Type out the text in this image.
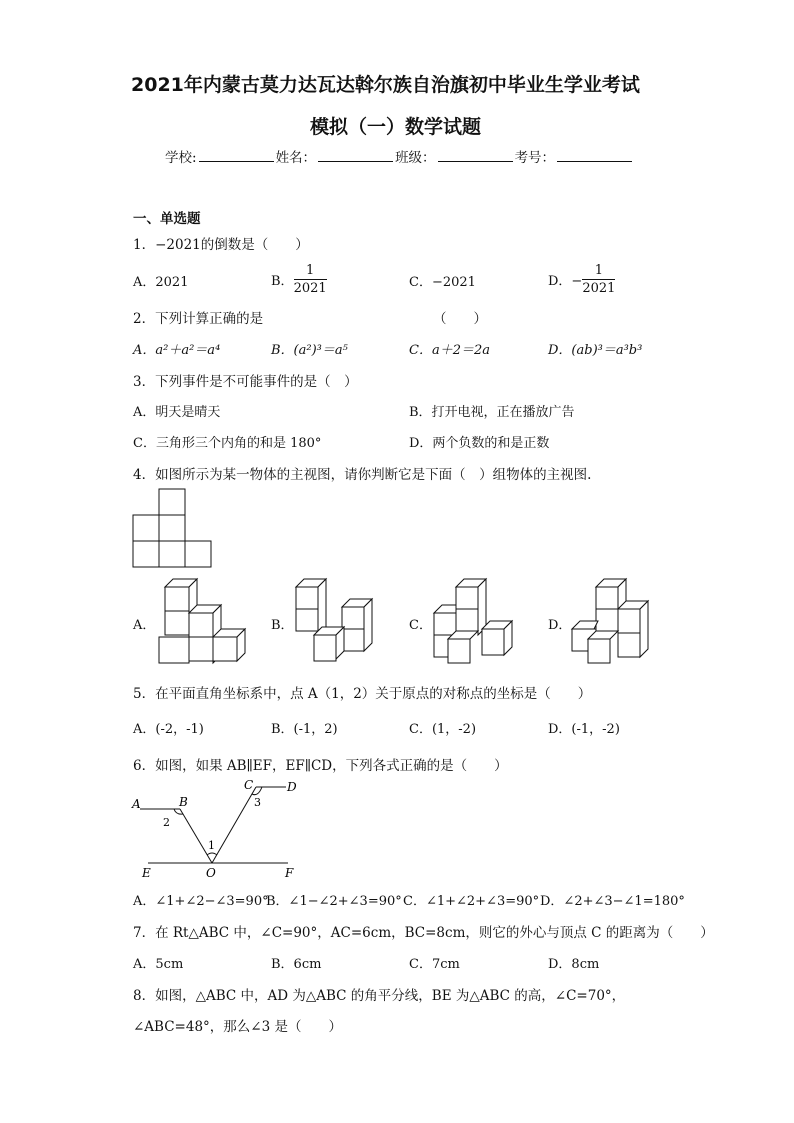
2021年内蒙古莫力达瓦达斡尔族自治旗初中毕业生学业考试
模拟（一）数学试题
学校:	姓名：	班级：	考号：
一、单选题
1．−2021的倒数是（　　）
A．2021	B． $\frac{1}{2021}$	C．−2021	D．− $\frac{1}{2021}$
2．下列计算正确的是	（　　）
A．a²＋a²＝a⁴	B．(a²)³＝a⁵	C．a＋2＝2a	D．(ab)³＝a³b³
3．下列事件是不可能事件的是（　）
A．明天是晴天	B．打开电视，正在播放广告
C．三角形三个内角的和是 180°	D．两个负数的和是正数
4．如图所示为某一物体的主视图，请你判断它是下面（　）组物体的主视图.
A．	B．	C．	D．
5．在平面直角坐标系中，点 A（1，2）关于原点的对称点的坐标是（　　）
A．(-2，-1)	B．(-1，2)	C．(1，-2)	D．(-1，-2)
6．如图，如果 AB∥EF，EF∥CD，下列各式正确的是（　　）
A	B
C	D
E	F
O
1
2
3
A．∠1+∠2−∠3=90°
B．∠1−∠2+∠3=90° C．∠1+∠2+∠3=90° D．∠2+∠3−∠1=180°
7．在 Rt△ABC 中，∠C=90°，AC=6cm，BC=8cm，则它的外心与顶点 C 的距离为（　　）
A．5cm	B．6cm	C．7cm	D．8cm
8．如图，△ABC 中，AD 为△ABC 的角平分线，BE 为△ABC 的高，∠C=70°，
∠ABC=48°，那么∠3 是（　　）
